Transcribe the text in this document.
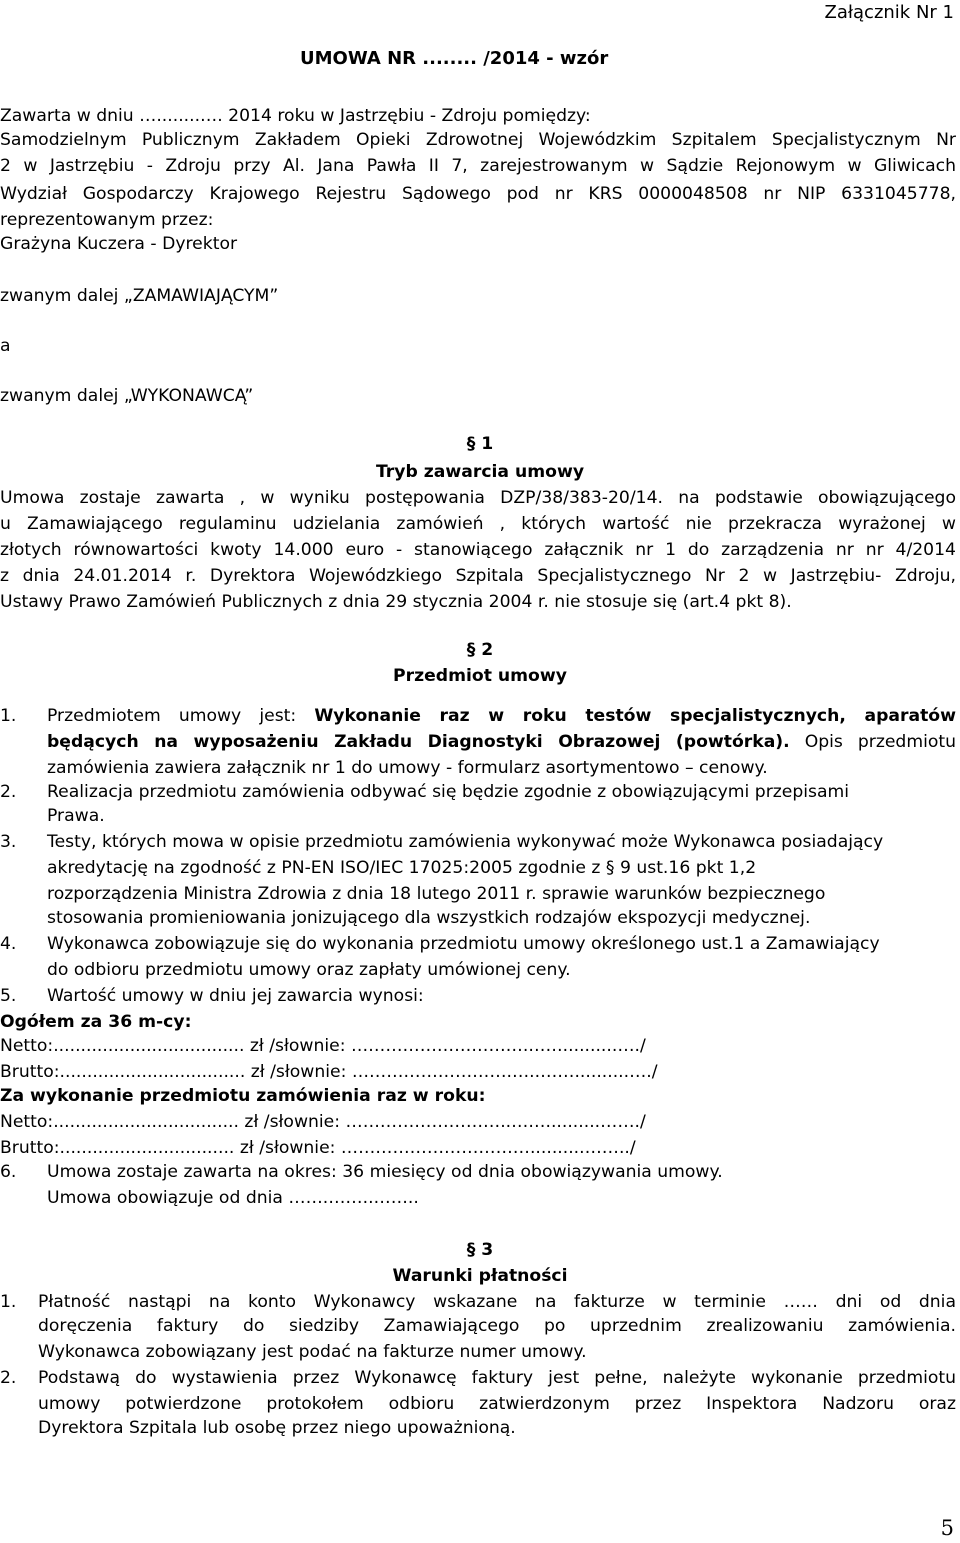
Załącznik Nr 1
UMOWA NR ........ /2014 - wzór
Zawarta w dniu …........…. 2014 roku w Jastrzębiu - Zdroju pomiędzy:
Samodzielnym Publicznym Zakładem Opieki Zdrowotnej Wojewódzkim Szpitalem Specjalistycznym Nr
2 w Jastrzębiu - Zdroju przy Al. Jana Pawła II 7, zarejestrowanym w Sądzie Rejonowym w Gliwicach
Wydział Gospodarczy Krajowego Rejestru Sądowego pod nr KRS 0000048508 nr NIP 6331045778,
reprezentowanym przez:
Grażyna Kuczera - Dyrektor
zwanym dalej „ZAMAWIAJĄCYM”
a
zwanym dalej „WYKONAWCĄ”
§ 1
Tryb zawarcia umowy
Umowa zostaje zawarta , w wyniku postępowania DZP/38/383-20/14. na podstawie obowiązującego
u Zamawiającego regulaminu udzielania zamówień , których wartość nie przekracza wyrażonej w
złotych równowartości kwoty 14.000 euro - stanowiącego załącznik nr 1 do zarządzenia nr nr 4/2014
z dnia 24.01.2014 r. Dyrektora Wojewódzkiego Szpitala Specjalistycznego Nr 2 w Jastrzębiu- Zdroju,
Ustawy Prawo Zamówień Publicznych z dnia 29 stycznia 2004 r. nie stosuje się (art.4 pkt 8).
§ 2
Przedmiot umowy
1. Przedmiotem umowy jest: Wykonanie raz w roku testów specjalistycznych, aparatów
będących na wyposażeniu Zakładu Diagnostyki Obrazowej (powtórka). Opis przedmiotu
zamówienia zawiera załącznik nr 1 do umowy - formularz asortymentowo – cenowy.
2. Realizacja przedmiotu zamówienia odbywać się będzie zgodnie z obowiązującymi przepisami
Prawa.
3. Testy, których mowa w opisie przedmiotu zamówienia wykonywać może Wykonawca posiadający
akredytację na zgodność z PN-EN ISO/IEC 17025:2005 zgodnie z § 9 ust.16 pkt 1,2
rozporządzenia Ministra Zdrowia z dnia 18 lutego 2011 r. sprawie warunków bezpiecznego
stosowania promieniowania jonizującego dla wszystkich rodzajów ekspozycji medycznej.
4. Wykonawca zobowiązuje się do wykonania przedmiotu umowy określonego ust.1 a Zamawiający
do odbioru przedmiotu umowy oraz zapłaty umówionej ceny.
5. Wartość umowy w dniu jej zawarcia wynosi:
Ogółem za 36 m-cy:
Netto:................................... zł /słownie: ………………………….……..........…./
Brutto:.................................. zł /słownie: ……………………….…..……..........…./
Za wykonanie przedmiotu zamówienia raz w roku:
Netto:.................................. zł /słownie: ………………………..……..........……./
Brutto:................................ zł /słownie: ……………………………..........……../
6. Umowa zostaje zawarta na okres: 36 miesięcy od dnia obowiązywania umowy.
Umowa obowiązuje od dnia …….……..……..
§ 3
Warunki płatności
1. Płatność nastąpi na konto Wykonawcy wskazane na fakturze w terminie …… dni od dnia
doręczenia faktury do siedziby Zamawiającego po uprzednim zrealizowaniu zamówienia.
Wykonawca zobowiązany jest podać na fakturze numer umowy.
2. Podstawą do wystawienia przez Wykonawcę faktury jest pełne, należyte wykonanie przedmiotu
umowy potwierdzone protokołem odbioru zatwierdzonym przez Inspektora Nadzoru oraz
Dyrektora Szpitala lub osobę przez niego upoważnioną.
5
